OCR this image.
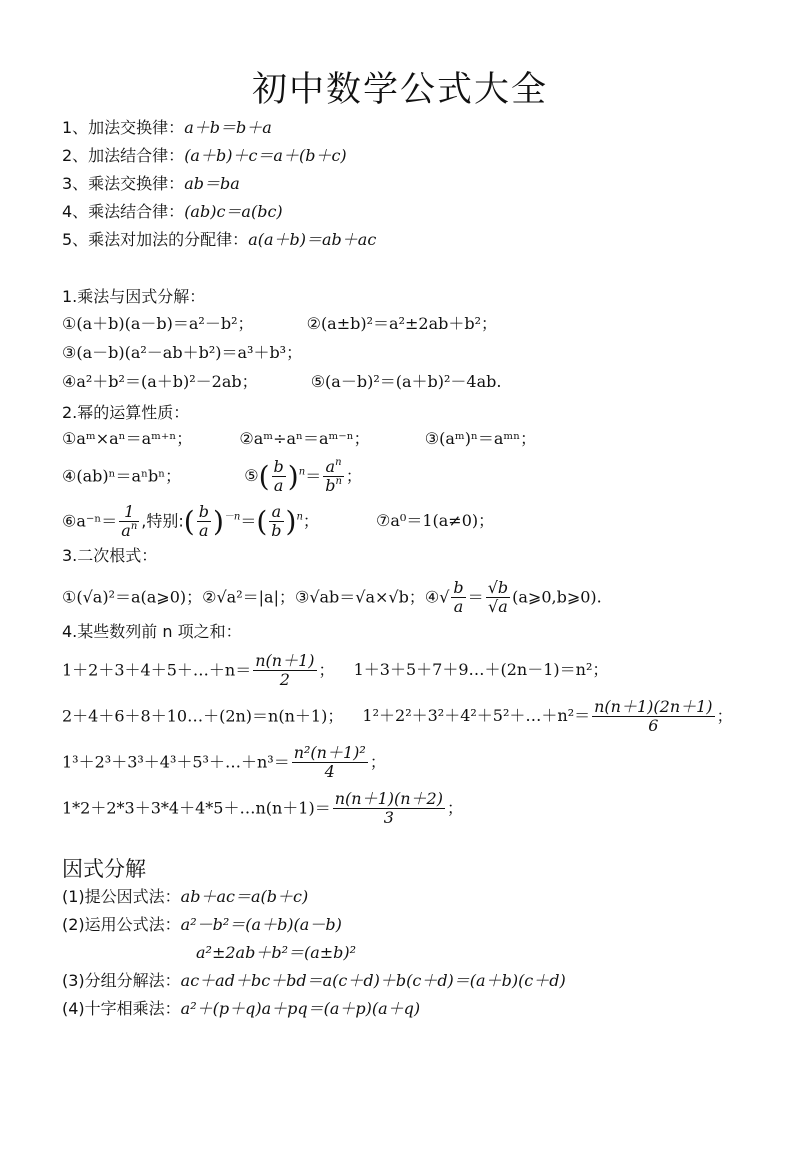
初中数学公式大全
1、加法交换律：a＋b＝b＋a
2、加法结合律：(a＋b)＋c＝a＋(b＋c)
3、乘法交换律：ab＝ba
4、乘法结合律：(ab)c＝a(bc)
5、乘法对加法的分配律：a(a＋b)＝ab＋ac
1.乘法与因式分解：
①(a＋b)(a－b)＝a²－b²；	②(a±b)²＝a²±2ab＋b²；
③(a－b)(a²－ab＋b²)＝a³＋b³；
④a²＋b²＝(a＋b)²－2ab；	⑤(a－b)²＝(a＋b)²－4ab.
2.幂的运算性质：
①aᵐ×aⁿ＝aᵐ⁺ⁿ；	②aᵐ÷aⁿ＝aᵐ⁻ⁿ；	③(aᵐ)ⁿ＝aᵐⁿ；
④(ab)ⁿ＝aⁿbⁿ；	⑤( $\frac{b}{a} )^n= \frac{a^n}{b^n}$ ；
⑥a⁻ⁿ＝ $\frac{1}{a^n}$ ,特别:( $\frac{b}{a} )^{-n}=( \frac{a}{b} )^n$；	⑦a⁰＝1(a≠0)；
3.二次根式：
①(√a)²＝a(a⩾0)；②√a²＝|a|；③√ab＝√a×√b；④√ $\frac{b}{a} = \frac{√b}{√a}$ (a⩾0,b⩾0).
4.某些数列前 n 项之和：
1＋2＋3＋4＋5＋…＋n＝ $\frac{n(n+1)}{2}$ ； 1＋3＋5＋7＋9…＋(2n－1)＝n²；
2＋4＋6＋8＋10…＋(2n)＝n(n＋1)； 1²＋2²＋3²＋4²＋5²＋…＋n²＝ $\frac{n(n+1)(2n+1)}{6}$ ；
1³＋2³＋3³＋4³＋5³＋…＋n³＝ $\frac{\text{n²(n＋1)²}}{4}$ ；
1*2＋2*3＋3*4＋4*5＋…n(n＋1)＝ $\frac{n(n+1)(n+2)}{3}$ ；
因式分解
(1)提公因式法：ab＋ac＝a(b＋c)
(2)运用公式法：a²－b²＝(a＋b)(a－b)
a²±2ab＋b²＝(a±b)²
(3)分组分解法：ac＋ad＋bc＋bd＝a(c＋d)＋b(c＋d)＝(a＋b)(c＋d)
(4)十字相乘法：a²＋(p＋q)a＋pq＝(a＋p)(a＋q)
